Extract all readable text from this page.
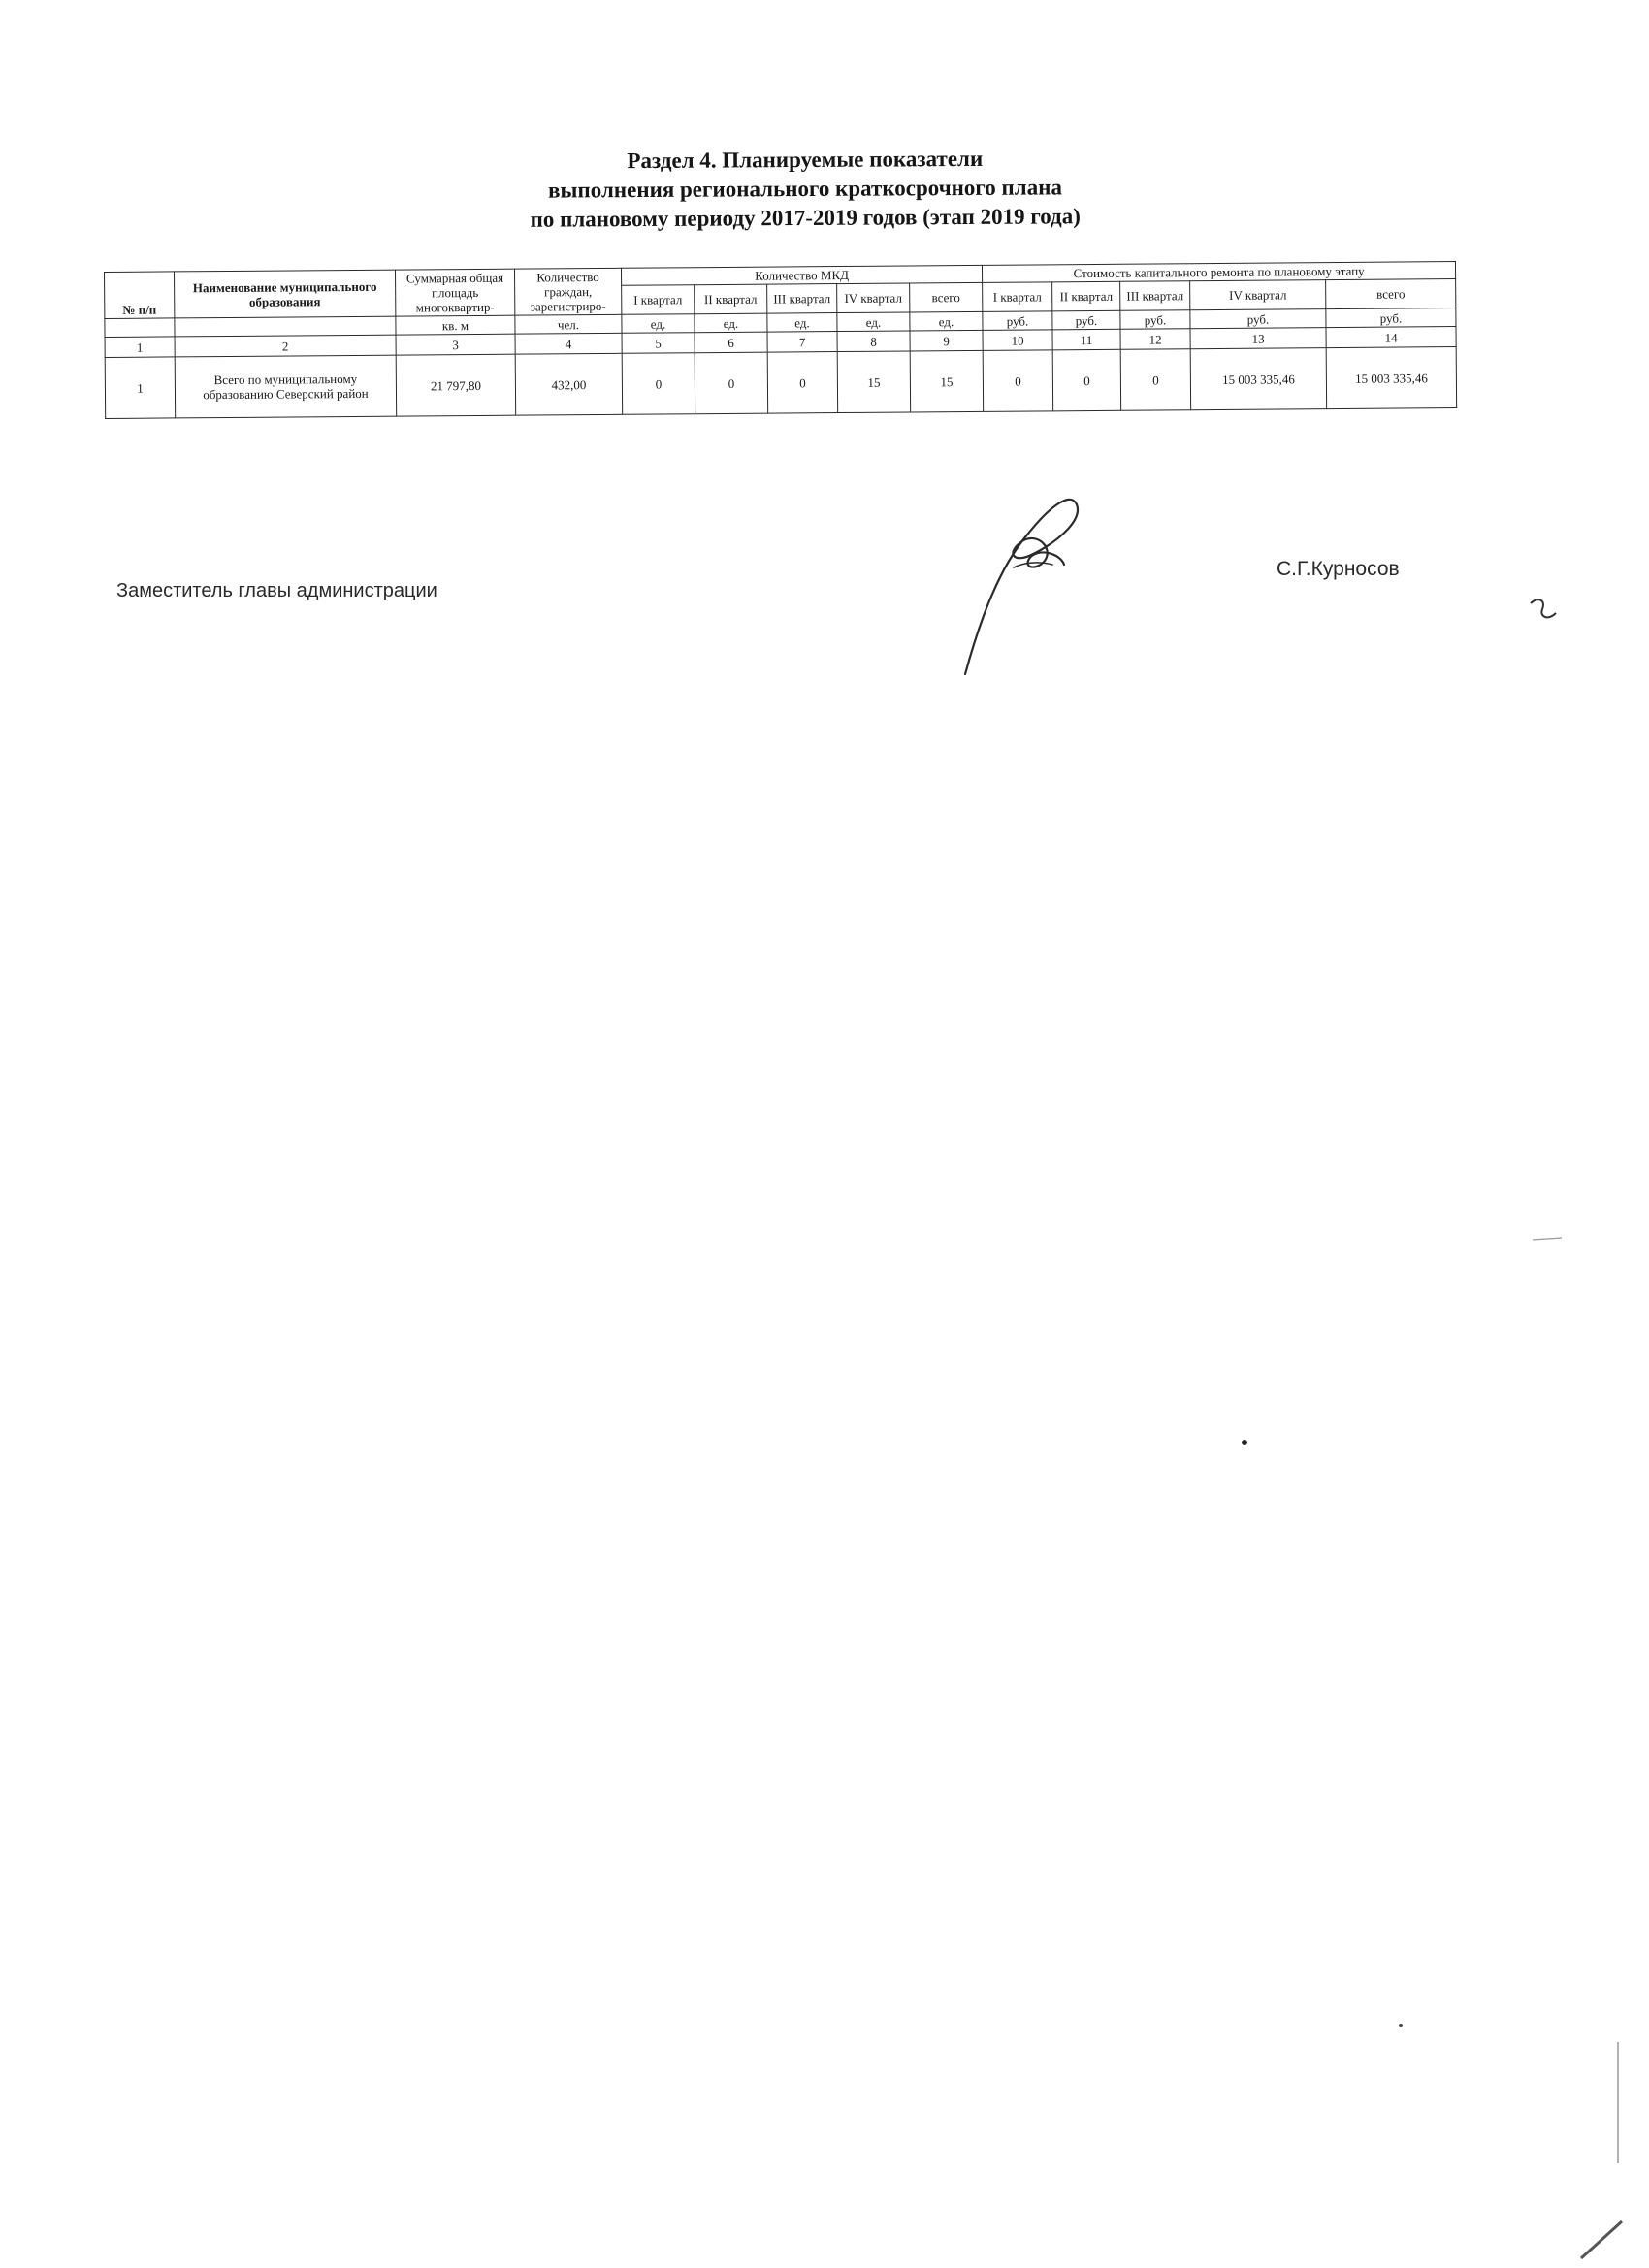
Раздел 4. Планируемые показатели
выполнения регионального краткосрочного плана
по плановому периоду 2017-2019 годов (этап 2019 года)
№ п/п	Наименование муниципального образования	Суммарная общая площадь многоквартир-	Количество граждан, зарегистриро-	Количество МКД					Стоимость капитального ремонта по плановому этапу				
				I квартал	II квартал	III квартал	IV квартал	всего	I квартал	II квартал	III квартал	IV квартал	всего

		кв. м	чел.	ед.	ед.	ед.	ед.	ед.	руб.	руб.	руб.	руб.	руб.
1	2	3	4	5	6	7	8	9	10	11	12	13	14
1	Всего по муниципальному образованию Северский район	21 797,80	432,00	0	0	0	15	15	0	0	0	15 003 335,46	15 003 335,46
Заместитель главы администрации
С.Г.Курносов
